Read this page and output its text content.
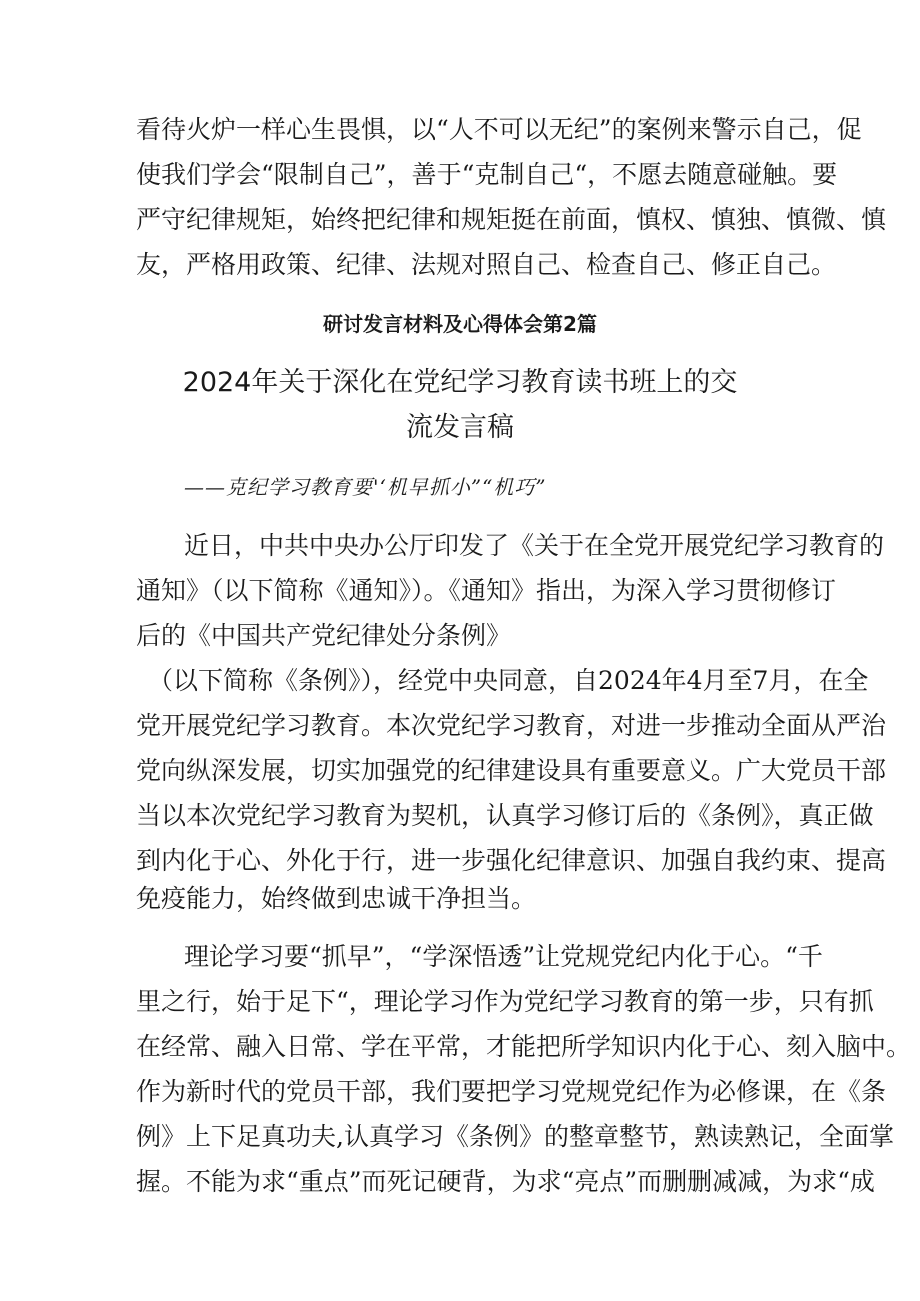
看待火炉一样心生畏惧，以“人不可以无纪”的案例来警示自己，促
使我们学会“限制自己”，善于“克制自己“，不愿去随意碰触。要
严守纪律规矩，始终把纪律和规矩挺在前面，慎权、慎独、慎微、慎
友，严格用政策、纪律、法规对照自己、检查自己、修正自己。
研讨发言材料及心得体会第2篇
2024年关于深化在党纪学习教育读书班上的交
流发言稿
——克纪学习教育要'‘机早抓小”“机巧”
近日，中共中央办公厅印发了《关于在全党开展党纪学习教育的
通知》（以下简称《通知》）。《通知》指出，为深入学习贯彻修订
后的《中国共产党纪律处分条例》
（以下简称《条例》），经党中央同意，自2024年4月至7月，在全
党开展党纪学习教育。本次党纪学习教育，对进一步推动全面从严治
党向纵深发展，切实加强党的纪律建设具有重要意义。广大党员干部
当以本次党纪学习教育为契机，认真学习修订后的《条例》，真正做
到内化于心、外化于行，进一步强化纪律意识、加强自我约束、提高
免疫能力，始终做到忠诚干净担当。
理论学习要“抓早”，“学深悟透”让党规党纪内化于心。“千
里之行，始于足下“，理论学习作为党纪学习教育的第一步，只有抓
在经常、融入日常、学在平常，才能把所学知识内化于心、刻入脑中。
作为新时代的党员干部，我们要把学习党规党纪作为必修课，在《条
例》上下足真功夫,认真学习《条例》的整章整节，熟读熟记，全面掌
握。不能为求“重点”而死记硬背，为求“亮点”而删删减减，为求“成
